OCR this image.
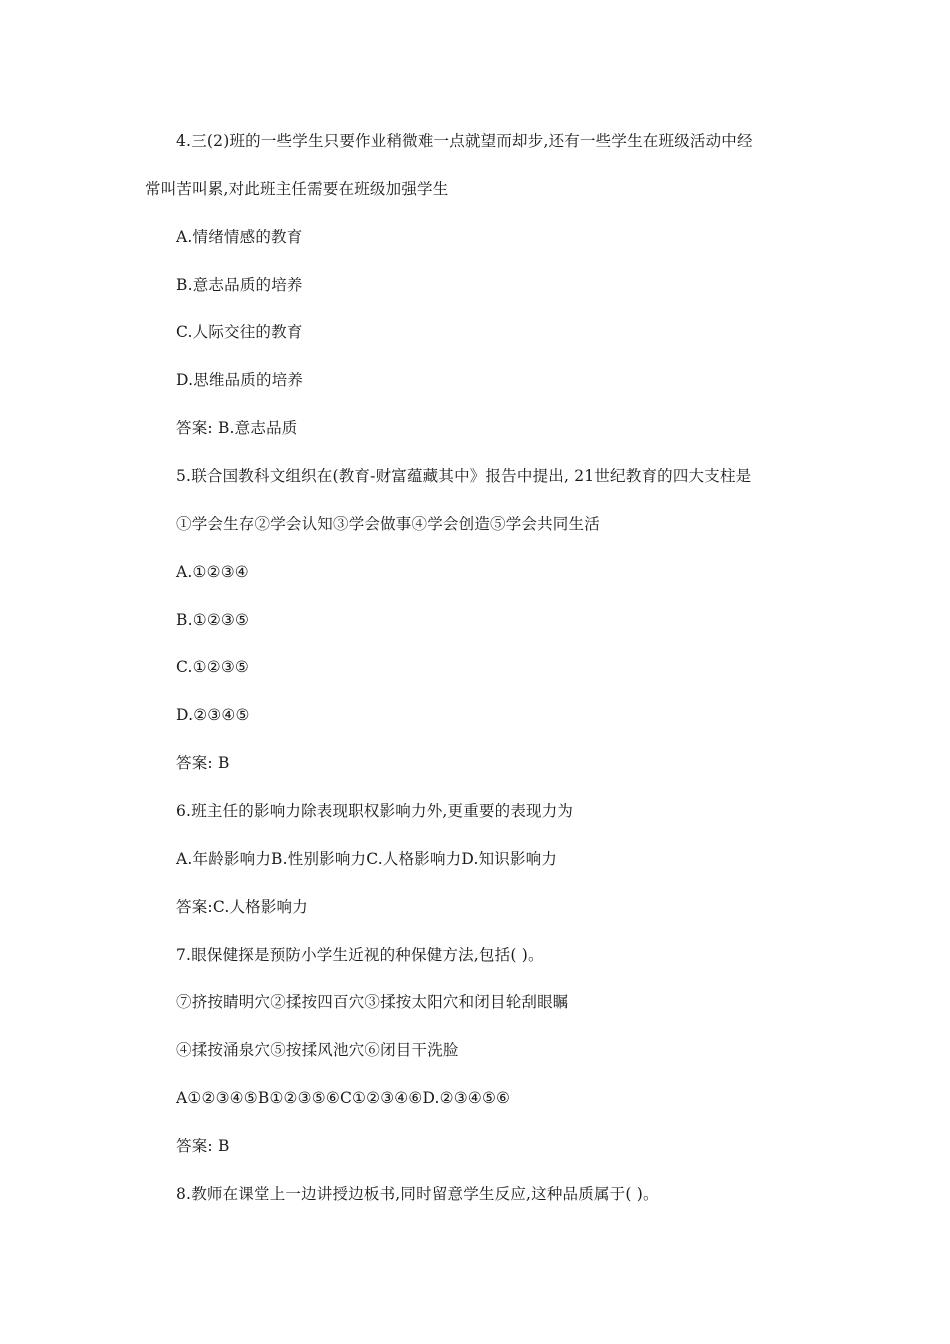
4.三(2)班的一些学生只要作业稍微难一点就望而却步,还有一些学生在班级活动中经
常叫苦叫累,对此班主任需要在班级加强学生
A.情绪情感的教育
B.意志品质的培养
C.人际交往的教育
D.思维品质的培养
答案: B.意志品质
5.联合国教科文组织在(教育-财富蕴藏其中》报告中提出, 21世纪教育的四大支柱是
①学会生存②学会认知③学会做事④学会创造⑤学会共同生活
A.①②③④
B.①②③⑤
C.①②③⑤
D.②③④⑤
答案: B
6.班主任的影响力除表现职权影响力外,更重要的表现力为
A.年龄影响力B.性别影响力C.人格影响力D.知识影响力
答案:C.人格影响力
7.眼保健探是预防小学生近视的种保健方法,包括( )。
⑦挤按睛明穴②揉按四百穴③揉按太阳穴和闭目轮刮眼瞩
④揉按涌泉穴⑤按揉风池穴⑥闭目干洗脸
A①②③④⑤B①②③⑤⑥C①②③④⑥D.②③④⑤⑥
答案: B
8.教师在课堂上一边讲授边板书,同时留意学生反应,这种品质属于( )。
